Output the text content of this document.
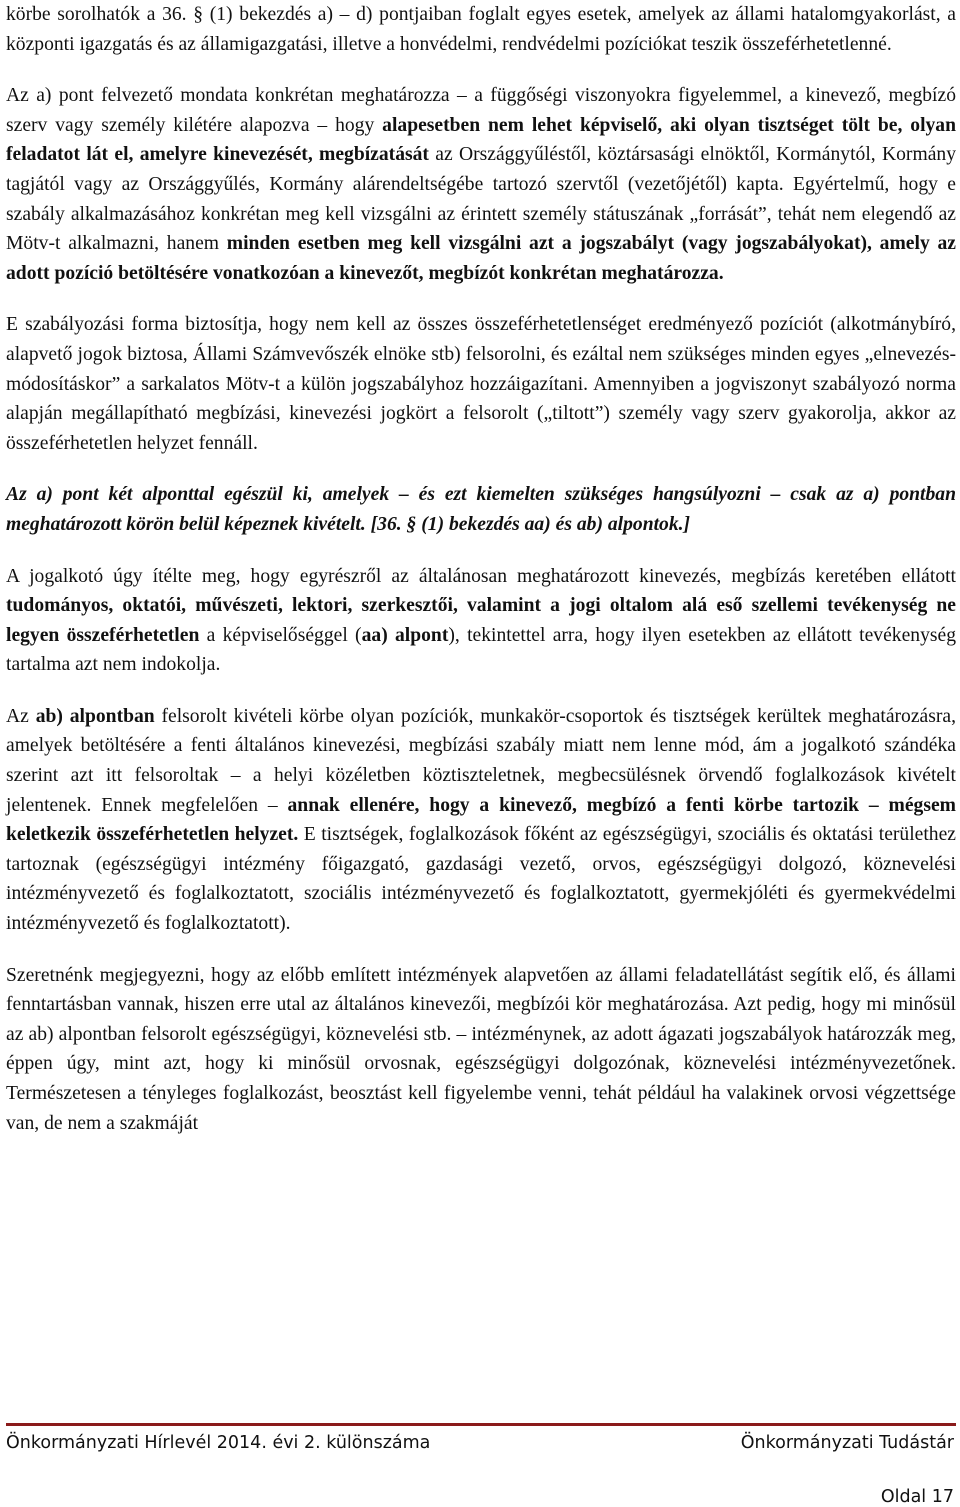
körbe sorolhatók a 36. § (1) bekezdés a) – d) pontjaiban foglalt egyes esetek, amelyek az állami hatalomgyakorlást, a központi igazgatás és az államigazgatási, illetve a honvédelmi, rendvédelmi pozíciókat teszik összeférhetetlenné.

Az a) pont felvezető mondata konkrétan meghatározza – a függőségi viszonyokra figyelemmel, a kinevező, megbízó szerv vagy személy kilétére alapozva – hogy alapesetben nem lehet képviselő, aki olyan tisztséget tölt be, olyan feladatot lát el, amelyre kinevezését, megbízatását az Országgyűléstől, köztársasági elnöktől, Kormánytól, Kormány tagjától vagy az Országgyűlés, Kormány alárendeltségébe tartozó szervtől (vezetőjétől) kapta. Egyértelmű, hogy e szabály alkalmazásához konkrétan meg kell vizsgálni az érintett személy státuszának „forrását”, tehát nem elegendő az Mötv-t alkalmazni, hanem minden esetben meg kell vizsgálni azt a jogszabályt (vagy jogszabályokat), amely az adott pozíció betöltésére vonatkozóan a kinevezőt, megbízót konkrétan meghatározza.

E szabályozási forma biztosítja, hogy nem kell az összes összeférhetetlenséget eredményező pozíciót (alkotmánybíró, alapvető jogok biztosa, Állami Számvevőszék elnöke stb) felsorolni, és ezáltal nem szükséges minden egyes „elnevezés-módosításkor” a sarkalatos Mötv-t a külön jogszabályhoz hozzáigazítani. Amennyiben a jogviszonyt szabályozó norma alapján megállapítható megbízási, kinevezési jogkört a felsorolt („tiltott”) személy vagy szerv gyakorolja, akkor az összeférhetetlen helyzet fennáll.

Az a) pont két alponttal egészül ki, amelyek – és ezt kiemelten szükséges hangsúlyozni – csak az a) pontban meghatározott körön belül képeznek kivételt. [36. § (1) bekezdés aa) és ab) alpontok.]

A jogalkotó úgy ítélte meg, hogy egyrészről az általánosan meghatározott kinevezés, megbízás keretében ellátott tudományos, oktatói, művészeti, lektori, szerkesztői, valamint a jogi oltalom alá eső szellemi tevékenység ne legyen összeférhetetlen a képviselőséggel (aa) alpont), tekintettel arra, hogy ilyen esetekben az ellátott tevékenység tartalma azt nem indokolja.

Az ab) alpontban felsorolt kivételi körbe olyan pozíciók, munkakör-csoportok és tisztségek kerültek meghatározásra, amelyek betöltésére a fenti általános kinevezési, megbízási szabály miatt nem lenne mód, ám a jogalkotó szándéka szerint azt itt felsoroltak – a helyi közéletben köztiszteletnek, megbecsülésnek örvendő foglalkozások kivételt jelentenek. Ennek megfelelően – annak ellenére, hogy a kinevező, megbízó a fenti körbe tartozik – mégsem keletkezik összeférhetetlen helyzet. E tisztségek, foglalkozások főként az egészségügyi, szociális és oktatási területhez tartoznak (egészségügyi intézmény főigazgató, gazdasági vezető, orvos, egészségügyi dolgozó, köznevelési intézményvezető és foglalkoztatott, szociális intézményvezető és foglalkoztatott, gyermekjóléti és gyermekvédelmi intézményvezető és foglalkoztatott).

Szeretnénk megjegyezni, hogy az előbb említett intézmények alapvetően az állami feladatellátást segítik elő, és állami fenntartásban vannak, hiszen erre utal az általános kinevezői, megbízói kör meghatározása. Azt pedig, hogy mi minősül az ab) alpontban felsorolt egészségügyi, köznevelési stb. – intézménynek, az adott ágazati jogszabályok határozzák meg, éppen úgy, mint azt, hogy ki minősül orvosnak, egészségügyi dolgozónak, köznevelési intézményvezetőnek. Természetesen a tényleges foglalkozást, beosztást kell figyelembe venni, tehát például ha valakinek orvosi végzettsége van, de nem a szakmáját

Önkormányzati Hírlevél 2014. évi 2. különszáma	Önkormányzati Tudástár
Oldal 17
